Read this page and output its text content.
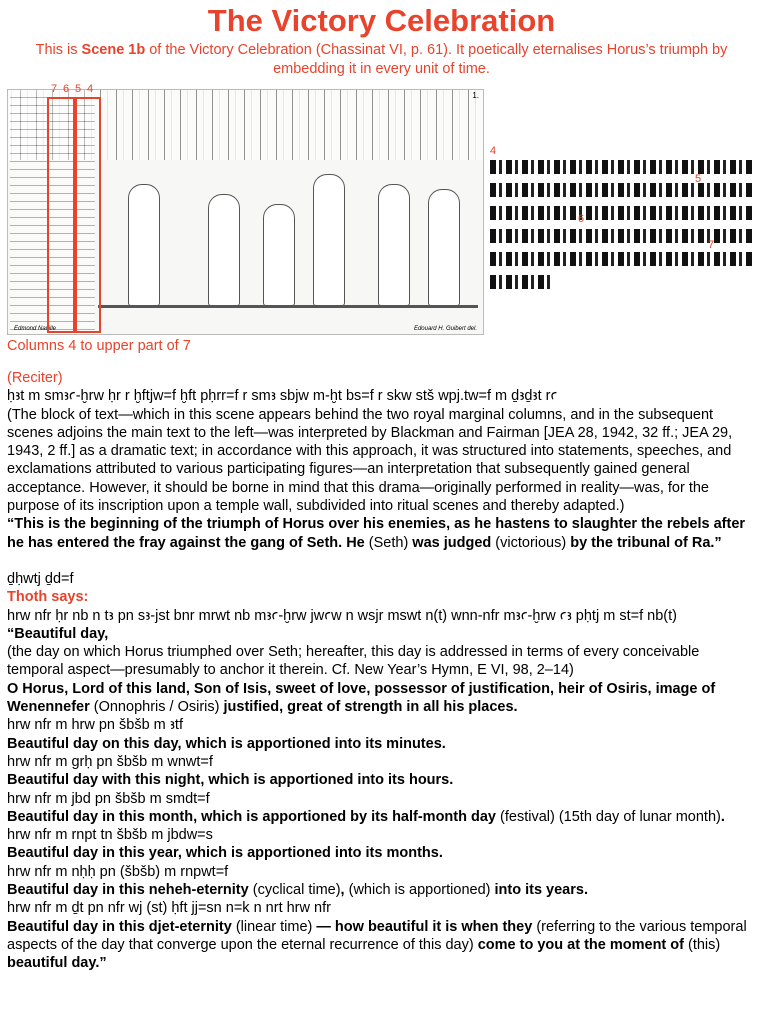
The Victory Celebration
This is Scene 1b of the Victory Celebration (Chassinat VI, p. 61). It poetically eternalises Horus’s triumph by embedding it in every unit of time.
1.
Edmond Naville	Edouard H. Guibert del.
7 6 5 4
4
5
6
7
Columns 4 to upper part of 7

(Reciter)

ḥꜣt m smꜣꜥ-ḫrw ḥr r ḫftjw=f ḫft pḥrr=f r smꜣ sbjw m-ḫt bs=f r skw stš wpj.tw=f m ḏꜣḏꜣt rꜥ

(The block of text—which in this scene appears behind the two royal marginal columns, and in the subsequent scenes adjoins the main text to the left—was interpreted by Blackman and Fairman [JEA 28, 1942, 32 ff.; JEA 29, 1943, 2 ff.] as a dramatic text; in accordance with this approach, it was structured into statements, speeches, and exclamations attributed to various participating figures—an interpretation that subsequently gained general acceptance. However, it should be borne in mind that this drama—originally performed in reality—was, for the purpose of its inscription upon a temple wall, subdivided into ritual scenes and thereby adapted.)

“This is the beginning of the triumph of Horus over his enemies, as he hastens to slaughter the rebels after he has entered the fray against the gang of Seth. He (Seth) was judged (victorious) by the tribunal of Ra.”

ḏḥwtj ḏd=f

Thoth says:

hrw nfr ḥr nb n tꜣ pn sꜣ-jst bnr mrwt nb mꜣꜥ-ḫrw jwꜥw n wsjr mswt n(t) wnn-nfr mꜣꜥ-ḫrw ꜥꜣ pḥtj m st=f nb(t)

“Beautiful day,

(the day on which Horus triumphed over Seth; hereafter, this day is addressed in terms of every conceivable temporal aspect—presumably to anchor it therein. Cf. New Year’s Hymn, E VI, 98, 2–14)

O Horus, Lord of this land, Son of Isis, sweet of love, possessor of justification, heir of Osiris, image of Wenennefer (Onnophris / Osiris) justified, great of strength in all his places.

hrw nfr m hrw pn šbšb m ꜣtf

Beautiful day on this day, which is apportioned into its minutes.

hrw nfr m grḥ pn šbšb m wnwt=f

Beautiful day with this night, which is apportioned into its hours.

hrw nfr m jbd pn šbšb m smdt=f

Beautiful day in this month, which is apportioned by its half-month day (festival) (15th day of lunar month).

hrw nfr m rnpt tn šbšb m jbdw=s

Beautiful day in this year, which is apportioned into its months.

hrw nfr m nḥḥ pn (šbšb) m rnpwt=f

Beautiful day in this neheh-eternity (cyclical time), (which is apportioned) into its years.

hrw nfr m ḏt pn nfr wj (st) ḥft jj=sn n=k n nrt hrw nfr

Beautiful day in this djet-eternity (linear time) — how beautiful it is when they (referring to the various temporal aspects of the day that converge upon the eternal recurrence of this day) come to you at the moment of (this) beautiful day.”
